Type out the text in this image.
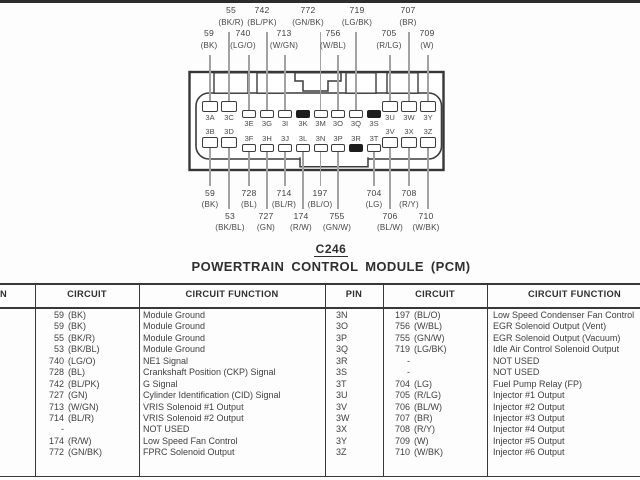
3A	3C
3E	3G	3I	3K 3M 3O	3Q	3S
3U	3W	3Y
3B	3D
3F	3H	3J	3L	3N	3P	3R	3T
3V	3X	3Z
55
(BK/R)
742
(BL/PK)
772
(GN/BK)
719
(LG/BK)
707
(BR)
59
(BK)
740
(LG/O)
713
(W/GN)
756
(W/BL)
705
(R/LG)
709
(W)
59
(BK)
728
(BL)
714
(BL/R)
197
(BL/O)
704
(LG)
708
(R/Y)
53
(BK/BL)
727
(GN)
174
(R/W)
755
(GN/W)
706
(BL/W)
710
(W/BK)
C246
POWERTRAIN CONTROL MODULE (PCM)
N	CIRCUIT	CIRCUIT FUNCTION	PIN	CIRCUIT	CIRCUIT FUNCTION
59 (BK)	Module Ground	3N	197 (BL/O)	Low Speed Condenser Fan Control
59 (BK)	Module Ground	3O	756 (W/BL)	EGR Solenoid Output (Vent)
55 (BK/R)	Module Ground	3P	755 (GN/W)	EGR Solenoid Output (Vacuum)
53 (BK/BL)	Module Ground	3Q	719 (LG/BK)	Idle Air Control Solenoid Output
740 (LG/O)	NE1 Signal	3R	-	NOT USED
728 (BL)	Crankshaft Position (CKP) Signal	3S	-	NOT USED
742 (BL/PK)	G Signal	3T	704 (LG)	Fuel Pump Relay (FP)
727 (GN)	Cylinder Identification (CID) Signal	3U	705 (R/LG)	Injector #1 Output
713 (W/GN)	VRIS Solenoid #1 Output	3V	706 (BL/W)	Injector #2 Output
714 (BL/R)	VRIS Solenoid #2 Output	3W	707 (BR)	Injector #3 Output
-	NOT USED	3X	708 (R/Y)	Injector #4 Output
174 (R/W)	Low Speed Fan Control	3Y	709 (W)	Injector #5 Output
772 (GN/BK)	FPRC Solenoid Output	3Z	710 (W/BK)	Injector #6 Output
